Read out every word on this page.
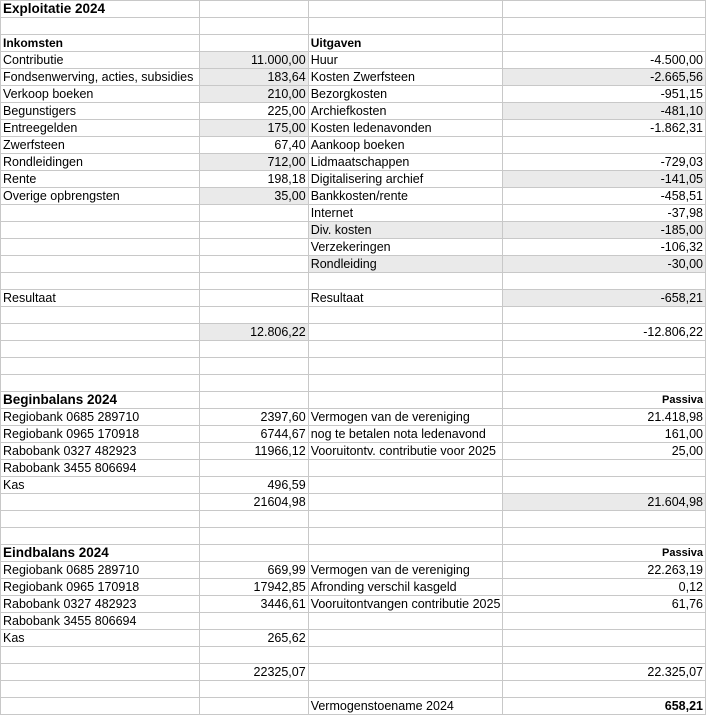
Exploitatie 2024			

Inkomsten		Uitgaven	
Contributie	11.000,00	Huur	-4.500,00
Fondsenwerving, acties, subsidies	183,64	Kosten Zwerfsteen	-2.665,56
Verkoop boeken	210,00	Bezorgkosten	-951,15
Begunstigers	225,00	Archiefkosten	-481,10
Entreegelden	175,00	Kosten ledenavonden	-1.862,31
Zwerfsteen	67,40	Aankoop boeken	
Rondleidingen	712,00	Lidmaatschappen	-729,03
Rente	198,18	Digitalisering archief	-141,05
Overige opbrengsten	35,00	Bankkosten/rente	-458,51
		Internet	-37,98
		Div. kosten	-185,00
		Verzekeringen	-106,32
		Rondleiding	-30,00

Resultaat		Resultaat	-658,21

	12.806,22		-12.806,22

Beginbalans 2024			Passiva
Regiobank 0685 289710	2397,60	Vermogen van de vereniging	21.418,98
Regiobank 0965 170918	6744,67	nog te betalen nota ledenavond	161,00
Rabobank 0327 482923	11966,12	Vooruitontv. contributie voor 2025	25,00
Rabobank 3455 806694			
Kas	496,59		
	21604,98		21.604,98

Eindbalans 2024			Passiva
Regiobank 0685 289710	669,99	Vermogen van de vereniging	22.263,19
Regiobank 0965 170918	17942,85	Afronding verschil kasgeld	0,12
Rabobank 0327 482923	3446,61	Vooruitontvangen contributie 2025	61,76
Rabobank 3455 806694			
Kas	265,62		

	22325,07		22.325,07

		Vermogenstoename 2024	658,21
